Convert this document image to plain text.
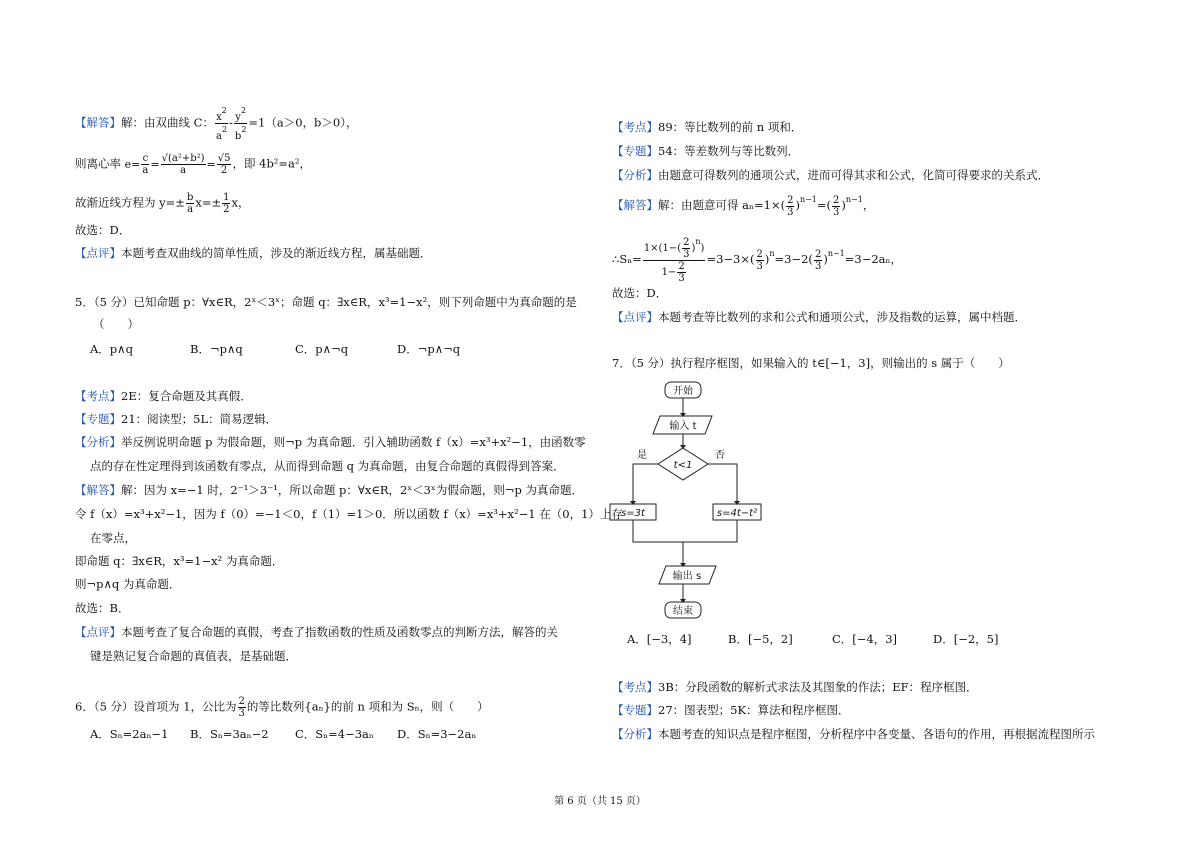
【解答】解：由双曲线 C： $\frac{x^2}{a^2} - \frac{y^2}{b^2} =1(a>0$，b＞0），
则离心率 $e= \frac{c}{a} = \frac{\text{√(a²+b²)}}{a} = \frac{√5}{2}$ ，即 4b²=a²，
故渐近线方程为 $y=\pm \frac{b}{a} x=\pm \frac{1}{2}$ x，
故选：D．
【点评】本题考查双曲线的简单性质，涉及的渐近线方程，属基础题．
5．（5 分）已知命题 p：∀x∈R，2ˣ＜3ˣ；命题 q：∃x∈R，x³=1−x²，则下列命题中为真命题的是
（　　）
A．p∧q	B．¬p∧q	C．p∧¬q	D．¬p∧¬q
【考点】2E：复合命题及其真假．
【专题】21：阅读型；5L：简易逻辑．
【分析】举反例说明命题 p 为假命题，则¬p 为真命题．引入辅助函数 f（x）=x³+x²−1，由函数零
点的存在性定理得到该函数有零点，从而得到命题 q 为真命题，由复合命题的真假得到答案．
【解答】解：因为 x=−1 时，2⁻¹＞3⁻¹，所以命题 p：∀x∈R，2ˣ＜3ˣ为假命题，则¬p 为真命题．
令 f（x）=x³+x²−1，因为 f（0）=−1＜0，f（1）=1＞0．所以函数 f（x）=x³+x²−1 在（0，1）上存
在零点，
即命题 q：∃x∈R，x³=1−x² 为真命题．
则¬p∧q 为真命题．
故选：B．
【点评】本题考查了复合命题的真假，考查了指数函数的性质及函数零点的判断方法，解答的关
键是熟记复合命题的真值表，是基础题．
6．（5 分）设首项为 1，公比为 $\frac{2}{3}$ 的等比数列{aₙ}的前 n 项和为 Sₙ，则（　　）
A．Sₙ=2aₙ−1 B．Sₙ=3aₙ−2 C．Sₙ=4−3aₙ D．Sₙ=3−2aₙ
【考点】89：等比数列的前 n 项和．
【专题】54：等差数列与等比数列．
【分析】由题意可得数列的通项公式，进而可得其求和公式，化简可得要求的关系式．
【解答】解：由题意可得 $a_n=1\times( \frac{2}{3} )^{n-1}=( \frac{2}{3} )^{n-1}$，
∴Sₙ= $\frac{1\times(1-( \frac{2}{3} )^n)}{1- \frac{2}{3}} =3-3\times( \frac{2}{3} )^n=3-2( \frac{2}{3} )^{n-1}=3-2a_n$，
故选：D．
【点评】本题考查等比数列的求和公式和通项公式，涉及指数的运算，属中档题．
7．（5 分）执行程序框图，如果输入的 t∈[−1，3]，则输出的 s 属于（　　）
开始
输入 t
t<1
是	否
s=3t	s=4t−t²
输出 s
结束
A．[−3，4]	B．[−5，2]	C．[−4，3]	D．[−2，5]
【考点】3B：分段函数的解析式求法及其图象的作法；EF：程序框图．
【专题】27：图表型；5K：算法和程序框图．
【分析】本题考查的知识点是程序框图，分析程序中各变量、各语句的作用，再根据流程图所示
第 6 页（共 15 页）
